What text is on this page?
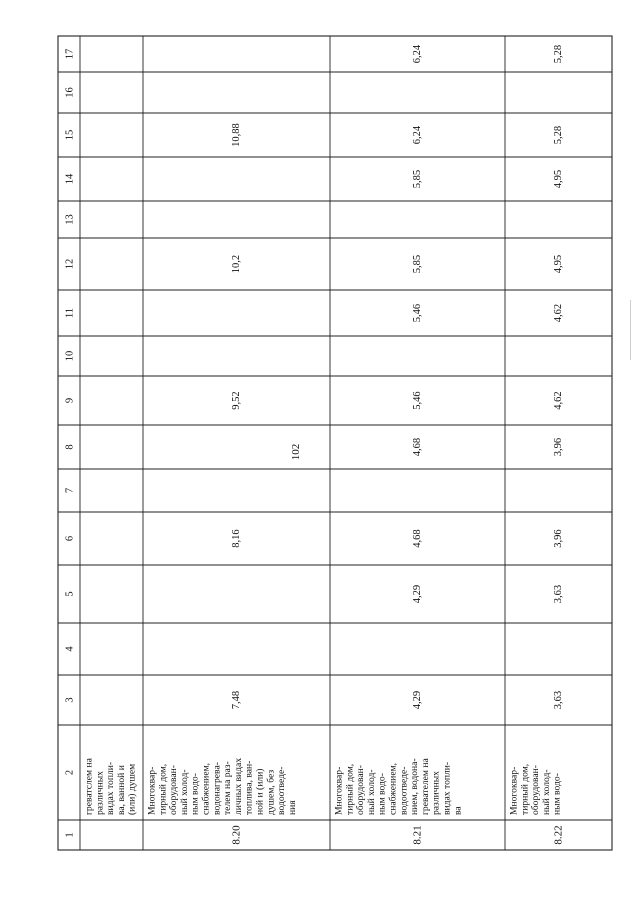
102
1
2
3
4
5
6
7
8
9
10
11
12
13
14
15
16
17
греватслем на различных видах топли- ва, ванной и (или) душем
8.20
Многоквар- тирный дом, оборудован- ный холод- ным водо- снабжением, водонагрева- телем на раз- личных видах топлива, ван- ной и (или) душем, без водоотведе- ния
7,48
8,16
9,52
10,2
10,88
8.21
Многоквар- тирный дом, оборудован- ный холод- ным водо- снабжением, водоотведе- нием, водона- гревателем на различных видах топли- ва
4,29
4,29
4,68
4,68
5,46
5,46
5,85
5,85
6,24
6,24
8.22
Многоквар- тирный дом, оборудован- ный холод- ным водо-
3,63
3,63
3,96
3,96
4,62
4,62
4,95
4,95
5,28
5,28
